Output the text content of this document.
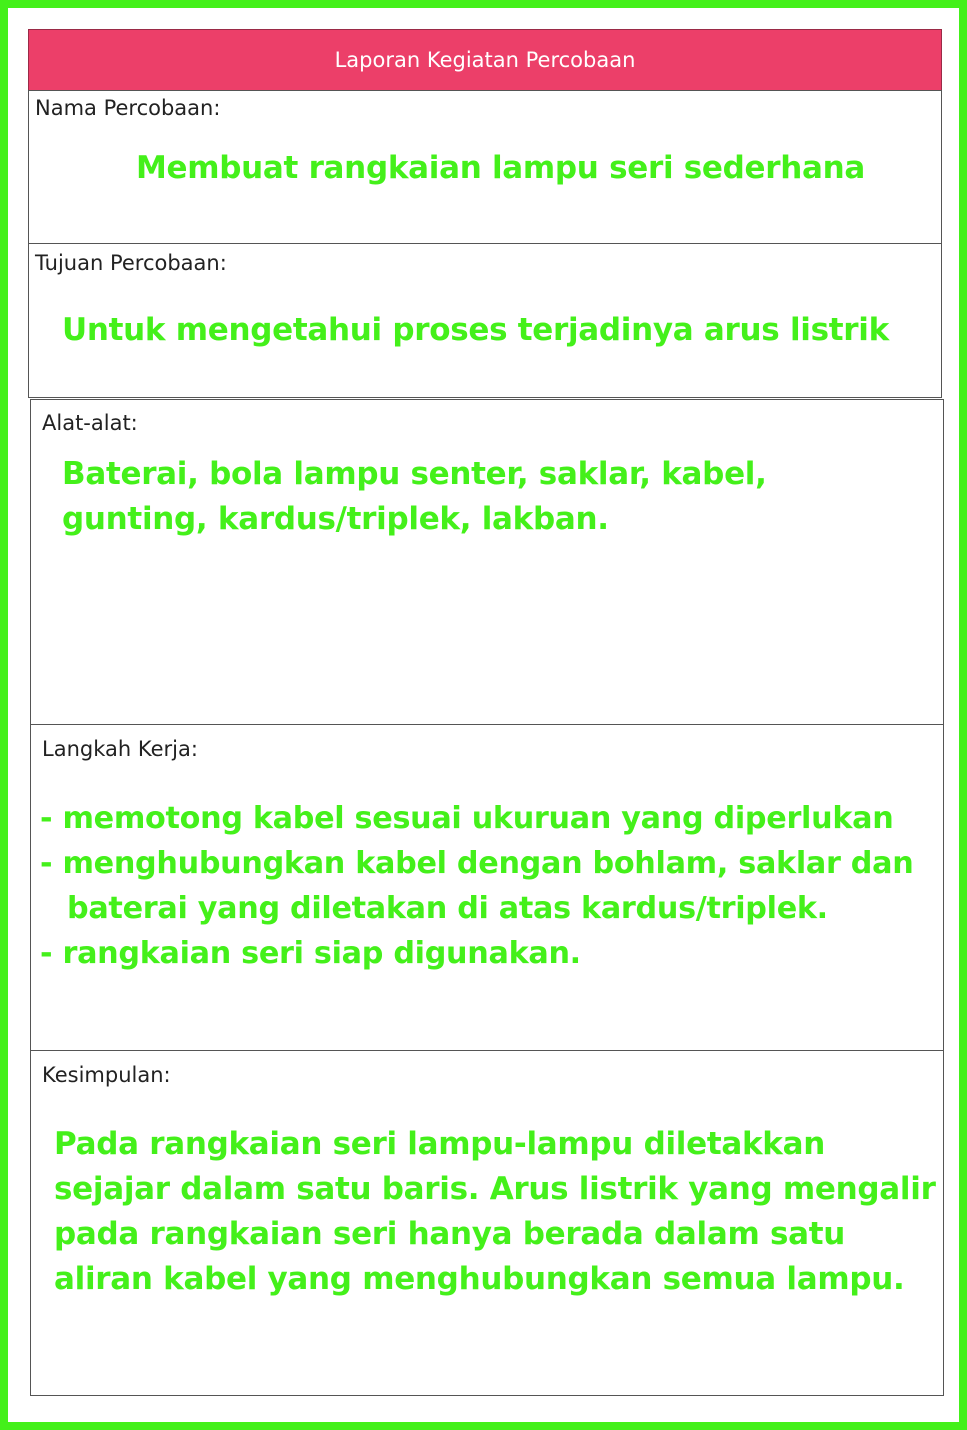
Laporan Kegiatan Percobaan
Nama Percobaan:
Membuat rangkaian lampu seri sederhana
Tujuan Percobaan:
Untuk mengetahui proses terjadinya arus listrik
Alat-alat:
Baterai, bola lampu senter, saklar, kabel,
gunting, kardus/triplek, lakban.
Langkah Kerja:
- memotong kabel sesuai ukuruan yang diperlukan
- menghubungkan kabel dengan bohlam, saklar dan
baterai yang diletakan di atas kardus/triplek.
- rangkaian seri siap digunakan.
Kesimpulan:
Pada rangkaian seri lampu-lampu diletakkan
sejajar dalam satu baris. Arus listrik yang mengalir
pada rangkaian seri hanya berada dalam satu
aliran kabel yang menghubungkan semua lampu.
